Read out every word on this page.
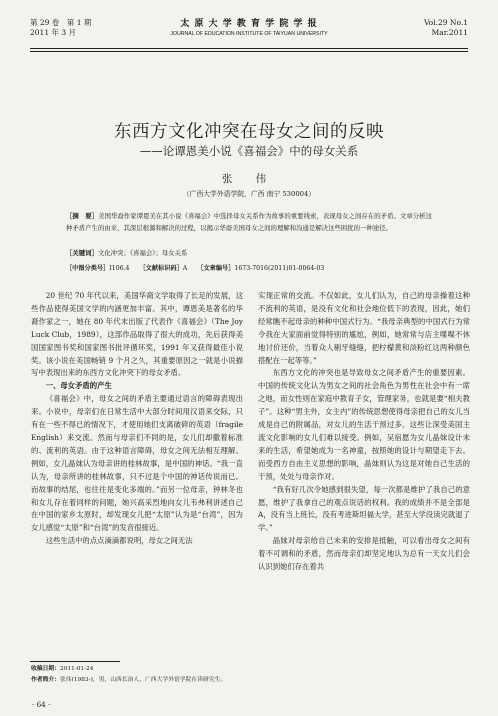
第 29 卷　第 1 期
2011 年 3 月
太 原 大 学 教 育 学 院 学 报
JOURNAL OF EDUCATION INSTITUTE OF TAIYUAN UNIVERSITY
Vol.29 No.1
Mar.2011
东西方文化冲突在母女之间的反映
——论谭恩美小说《喜福会》中的母女关系
张 伟
（广西大学外语学院，广西 南宁 530004）
［摘　要］美国华裔作家谭恩美在其小说《喜福会》中选择母女关系作为故事的重要线索，表现母女之间存在的矛盾。文章分析这种矛盾产生的由来、其深层根源和解决的过程，以揭示华裔美国母女之间的理解和沟通是解决这些困扰的一种途径。
［关键词］文化冲突；《喜福会》；母女关系
［中图分类号］I106.4 ［文献标识码］A ［文章编号］1673-7016(2011)01-0064-03

20 世纪 70 年代以来，美国华裔文学取得了长足的发展，这些作品使得美国文学的内涵更加丰富。其中，谭恩美是著名的华裔作家之一，她在 80 年代末出版了代表作《喜福会》（The Joy Luck Club，1989），这部作品取得了很大的成功，先后获得美国国家图书奖和国家图书批评循环奖，1991 年又获得最佳小说奖。该小说在美国畅销 9 个月之久，其重要原因之一就是小说描写中表现出来的东西方文化冲突下的母女矛盾。

一、母女矛盾的产生

《喜福会》中，母女之间的矛盾主要通过语言的障碍表现出来。小说中，母亲们在日常生活中大部分时间用汉语来交际，只有在一些不得已的情况下，才使用她们支离破碎的英语（fragile English）来交流。然而与母亲们不同的是，女儿们却撒着标准的、流利的英语。由于这种语言障碍，母女之间无法相互理解。例如，女儿晶妹认为母亲讲的桂林故事，是中国的神话。“我一直认为，母亲所讲的桂林故事，只不过是个中国的神话传说而已。而故事的结尾，也往往是变化多端的。”而另一位母亲，钟林冬也和女儿存在着同样的问题，她兴高采烈地向女儿韦弗利讲述自己在中国的家乡太原时，却发现女儿把“太原”认为是“台湾”，因为女儿感觉“太原”和“台湾”的发音很接近。

这些生活中的点点滴滴都说明，母女之间无法

实现正常的交流。不仅如此，女儿们认为，自己的母亲操着这种不流利的英语，是没有文化和社会地位低下的表现，因此，她们经常瞧不起母亲的种种中国式行为。“我母亲典型的中国式行为常令我在大家面前觉得特别的尴尬，例如，她常常与店主喋喋不休地讨价还价，当着众人剔牙缝缝，把柠檬黄和淡粉红这两种颜色搭配在一起等等。”

东西方文化的冲突也是导致母女之间矛盾产生的重要因素。中国的传统文化认为男女之间的社会角色为男性在社会中有一席之地，而女性则在家庭中教育子女，管理家务，也就是要“相夫教子”。这种“男主外，女主内”的传统思想使得母亲把自己的女儿当成是自己的附属品，对女儿的生活干预过多。这些让深受美国主流文化影响的女儿们难以接受。例如，吴宿愿为女儿晶妹设计未来的生活，希望她成为一名神童，按照她的设计与期望走下去。而受西方自由主义思想的影响，晶妹则认为这是对她自己生活的干预，处处与母亲作对。

“我有好几次令她感到很失望，每一次都是维护了我自己的意愿，维护了我拿自己的观点说话的权利。我的成绩并不是全部是 A，没有当上班长，没有考进斯坦福大学，甚至大学没读完就退了学。”

晶妹对母亲给自己未来的安排是抵触，可以看出母女之间有着不可调和的矛盾，然而母亲们却坚定地认为总有一天女儿们会认识到她们存在着共

收稿日期：2011-01-24
作者简介：张伟(1983-)，男，山西长治人，广西大学外语学院在读研究生。
· 64 ·
